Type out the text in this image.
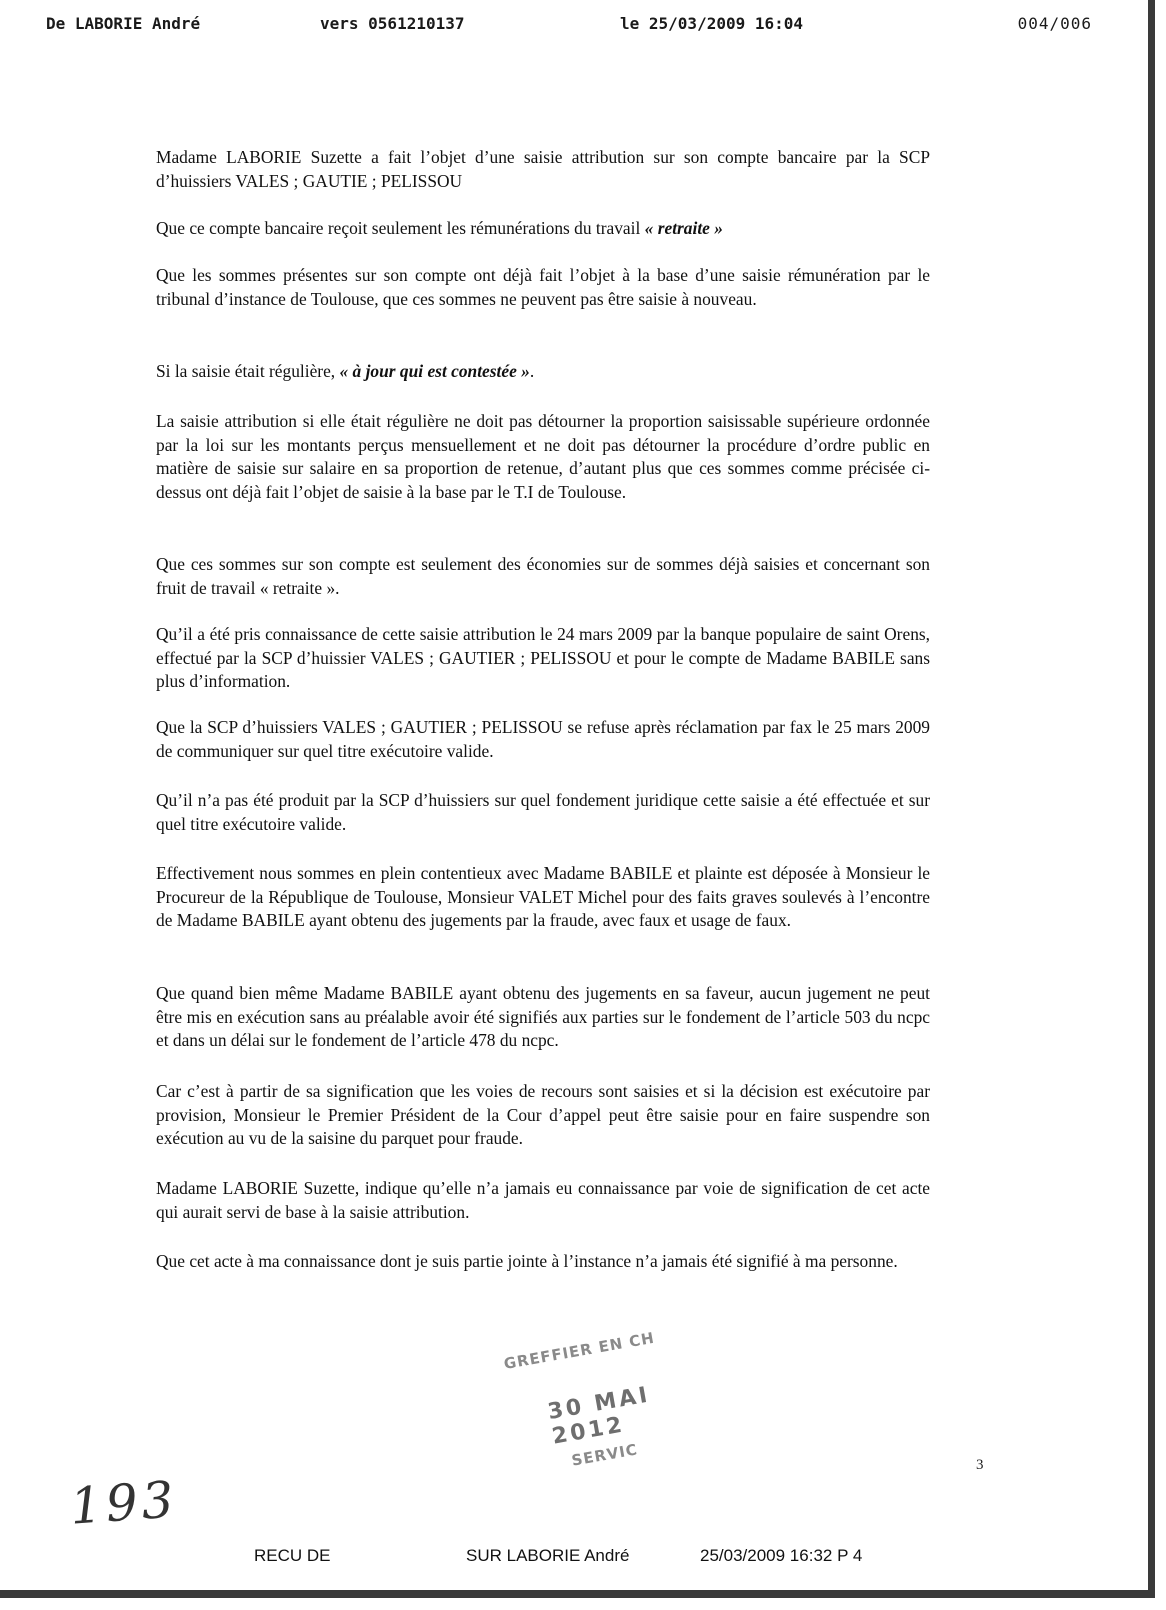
De LABORIE André	vers 0561210137	le 25/03/2009 16:04	004/006

Madame LABORIE Suzette a fait l’objet d’une saisie attribution sur son compte bancaire par la SCP d’huissiers VALES ; GAUTIE ; PELISSOU

Que ce compte bancaire reçoit seulement les rémunérations du travail « retraite »

Que les sommes présentes sur son compte ont déjà fait l’objet à la base d’une saisie rémunération par le tribunal d’instance de Toulouse, que ces sommes ne peuvent pas être saisie à nouveau.

Si la saisie était régulière, « à jour qui est contestée ».

La saisie attribution si elle était régulière ne doit pas détourner la proportion saisissable supérieure ordonnée par la loi sur les montants perçus mensuellement et ne doit pas détourner la procédure d’ordre public en matière de saisie sur salaire en sa proportion de retenue, d’autant plus que ces sommes comme précisée ci-dessus ont déjà fait l’objet de saisie à la base par le T.I de Toulouse.

Que ces sommes sur son compte est seulement des économies sur de sommes déjà saisies et concernant son fruit de travail « retraite ».

Qu’il a été pris connaissance de cette saisie attribution le 24 mars 2009 par la banque populaire de saint Orens, effectué par la SCP d’huissier VALES ; GAUTIER ; PELISSOU et pour le compte de Madame BABILE sans plus d’information.

Que la SCP d’huissiers VALES ; GAUTIER ; PELISSOU se refuse après réclamation par fax le 25 mars 2009 de communiquer sur quel titre exécutoire valide.

Qu’il n’a pas été produit par la SCP d’huissiers sur quel fondement juridique cette saisie a été effectuée et sur quel titre exécutoire valide.

Effectivement nous sommes en plein contentieux avec Madame BABILE et plainte est déposée à Monsieur le Procureur de la République de Toulouse, Monsieur VALET Michel pour des faits graves soulevés à l’encontre de Madame BABILE ayant obtenu des jugements par la fraude, avec faux et usage de faux.

Que quand bien même Madame BABILE ayant obtenu des jugements en sa faveur, aucun jugement ne peut être mis en exécution sans au préalable avoir été signifiés aux parties sur le fondement de l’article 503 du ncpc et dans un délai sur le fondement de l’article 478 du ncpc.

Car c’est à partir de sa signification que les voies de recours sont saisies et si la décision est exécutoire par provision, Monsieur le Premier Président de la Cour d’appel peut être saisie pour en faire suspendre son exécution au vu de la saisine du parquet pour fraude.

Madame LABORIE Suzette, indique qu’elle n’a jamais eu connaissance par voie de signification de cet acte qui aurait servi de base à la saisie attribution.

Que cet acte à ma connaissance dont je suis partie jointe à l’instance n’a jamais été signifié à ma personne.

GREFFIER EN CH
30 MAI 2012
SERVIC	3
193
RECU DE	SUR LABORIE André	25/03/2009 16:32 P 4
